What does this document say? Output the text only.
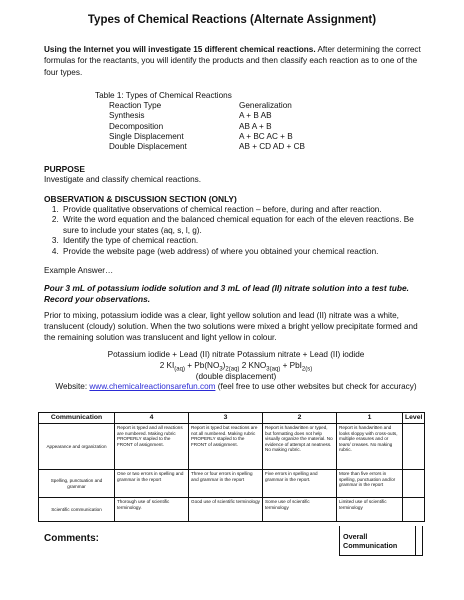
Types of Chemical Reactions (Alternate Assignment)
Using the Internet you will investigate 15 different chemical reactions. After determining the correct formulas for the reactants, you will identify the products and then classify each reaction as to one of the four types.
Table 1: Types of Chemical Reactions
Reaction Type	Generalization
Synthesis	A + B AB
Decomposition	AB A + B
Single Displacement	A + BC AC + B
Double Displacement	AB + CD AD + CB
PURPOSE
Investigate and classify chemical reactions.
OBSERVATION & DISCUSSION SECTION (ONLY)
1. Provide qualitative observations of chemical reaction – before, during and after reaction.
2. Write the word equation and the balanced chemical equation for each of the eleven reactions. Be sure to include your states (aq, s, l, g).
3. Identify the type of chemical reaction.
4. Provide the website page (web address) of where you obtained your chemical reaction.
Example Answer…
Pour 3 mL of potassium iodide solution and 3 mL of lead (II) nitrate solution into a test tube. Record your observations.
Prior to mixing, potassium iodide was a clear, light yellow solution and lead (II) nitrate was a white, translucent (cloudy) solution. When the two solutions were mixed a bright yellow precipitate formed and the remaining solution was translucent and light yellow in colour.
Potassium iodide + Lead (II) nitrate Potassium nitrate + Lead (II) iodide
2 $KI_{(aq)} + Pb(NO_3)_{2(aq)}$ 2 $KNO_{3(aq)} + PbI_{2(s)}$
(double displacement)
Website: www.chemicalreactionsarefun.com (feel free to use other websites but check for accuracy)
Communication	4	3	2	1	Level
Appearance and organization	Report is typed and all reactions are numbered. Making rubric PROPERLY stapled to the FRONT of assignment.	Report is typed but reactions are not all numbered. Making rubric PROPERLY stapled to the FRONT of assignment.	Report is handwritten or typed, but formatting does not help visually organize the material. No evidence of attempt at neatness. No making rubric.	Report is handwritten and looks sloppy with cross-outs, multiple erasures and or tears/ creases. No making rubric.	
Spelling, punctuation and grammar	One or two errors in spelling and grammar in the report	Three or four errors in spelling and grammar in the report	Five errors in spelling and grammar in the report.	More than five errors in spelling, punctuation and/or grammar in the report	
Scientific communication	Thorough use of scientific terminology.	Good use of scientific terminology	Some use of scientific terminology	Limited use of scientific terminology	
Comments:	Overall Communication
